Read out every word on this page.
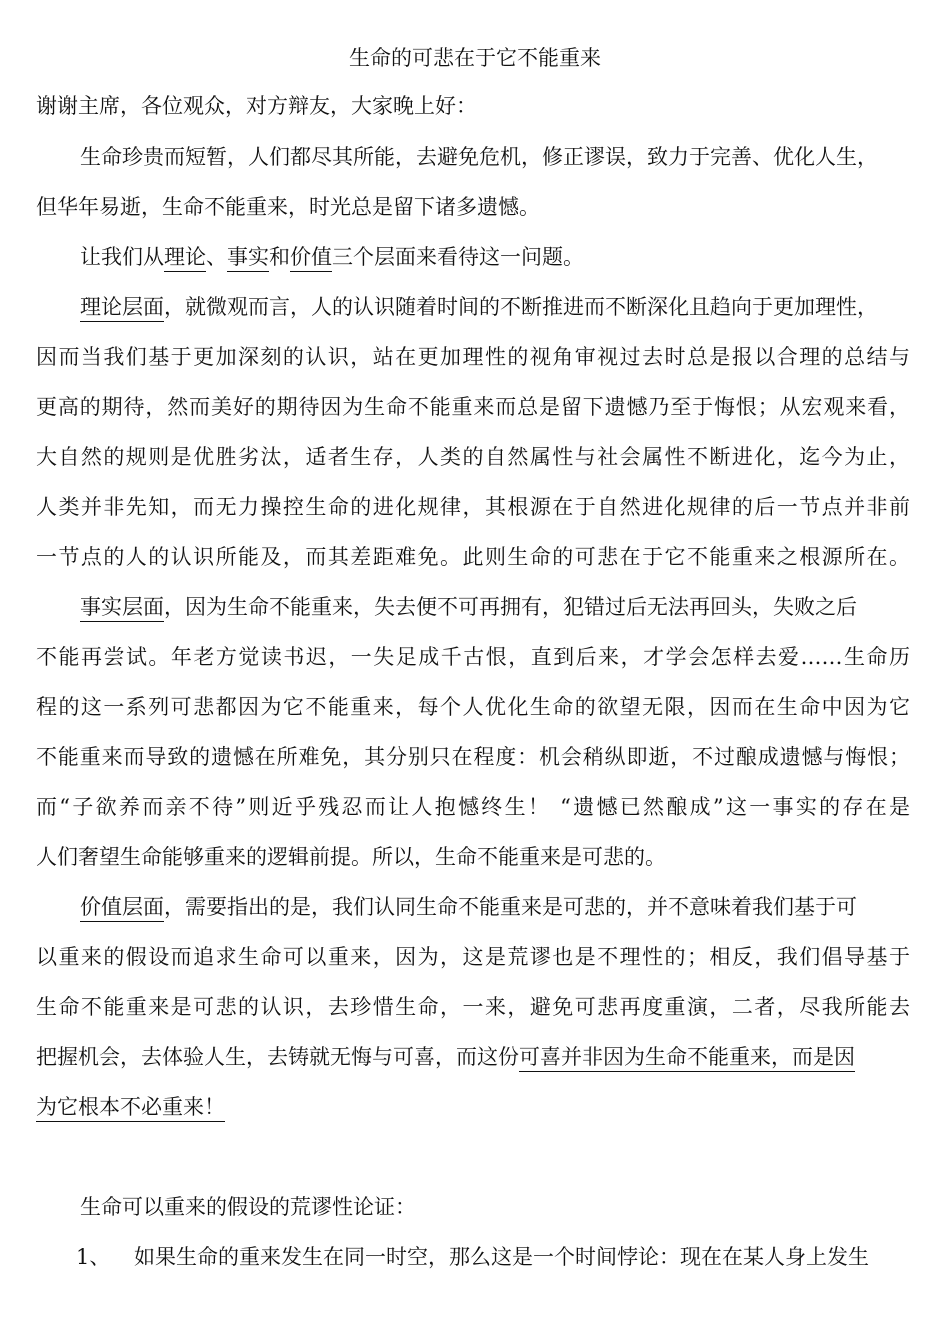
生命的可悲在于它不能重来
谢谢主席，各位观众，对方辩友，大家晚上好：
生命珍贵而短暂，人们都尽其所能，去避免危机，修正谬误，致力于完善、优化人生，
但华年易逝，生命不能重来，时光总是留下诸多遗憾。
让我们从理论、事实和价值三个层面来看待这一问题。
理论层面，就微观而言，人的认识随着时间的不断推进而不断深化且趋向于更加理性，
因而当我们基于更加深刻的认识，站在更加理性的视角审视过去时总是报以合理的总结与
更高的期待，然而美好的期待因为生命不能重来而总是留下遗憾乃至于悔恨；从宏观来看，
大自然的规则是优胜劣汰，适者生存，人类的自然属性与社会属性不断进化，迄今为止，
人类并非先知，而无力操控生命的进化规律，其根源在于自然进化规律的后一节点并非前
一节点的人的认识所能及，而其差距难免。此则生命的可悲在于它不能重来之根源所在。
事实层面，因为生命不能重来，失去便不可再拥有，犯错过后无法再回头，失败之后
不能再尝试。年老方觉读书迟，一失足成千古恨，直到后来，才学会怎样去爱……生命历
程的这一系列可悲都因为它不能重来，每个人优化生命的欲望无限，因而在生命中因为它
不能重来而导致的遗憾在所难免，其分别只在程度：机会稍纵即逝，不过酿成遗憾与悔恨；
而“子欲养而亲不待”则近乎残忍而让人抱憾终生！ “遗憾已然酿成”这一事实的存在是
人们奢望生命能够重来的逻辑前提。所以，生命不能重来是可悲的。
价值层面，需要指出的是，我们认同生命不能重来是可悲的，并不意味着我们基于可
以重来的假设而追求生命可以重来，因为，这是荒谬也是不理性的；相反，我们倡导基于
生命不能重来是可悲的认识，去珍惜生命，一来，避免可悲再度重演，二者，尽我所能去
把握机会，去体验人生，去铸就无悔与可喜，而这份可喜并非因为生命不能重来，而是因
为它根本不必重来！
生命可以重来的假设的荒谬性论证：
1、 如果生命的重来发生在同一时空，那么这是一个时间悖论：现在在某人身上发生
